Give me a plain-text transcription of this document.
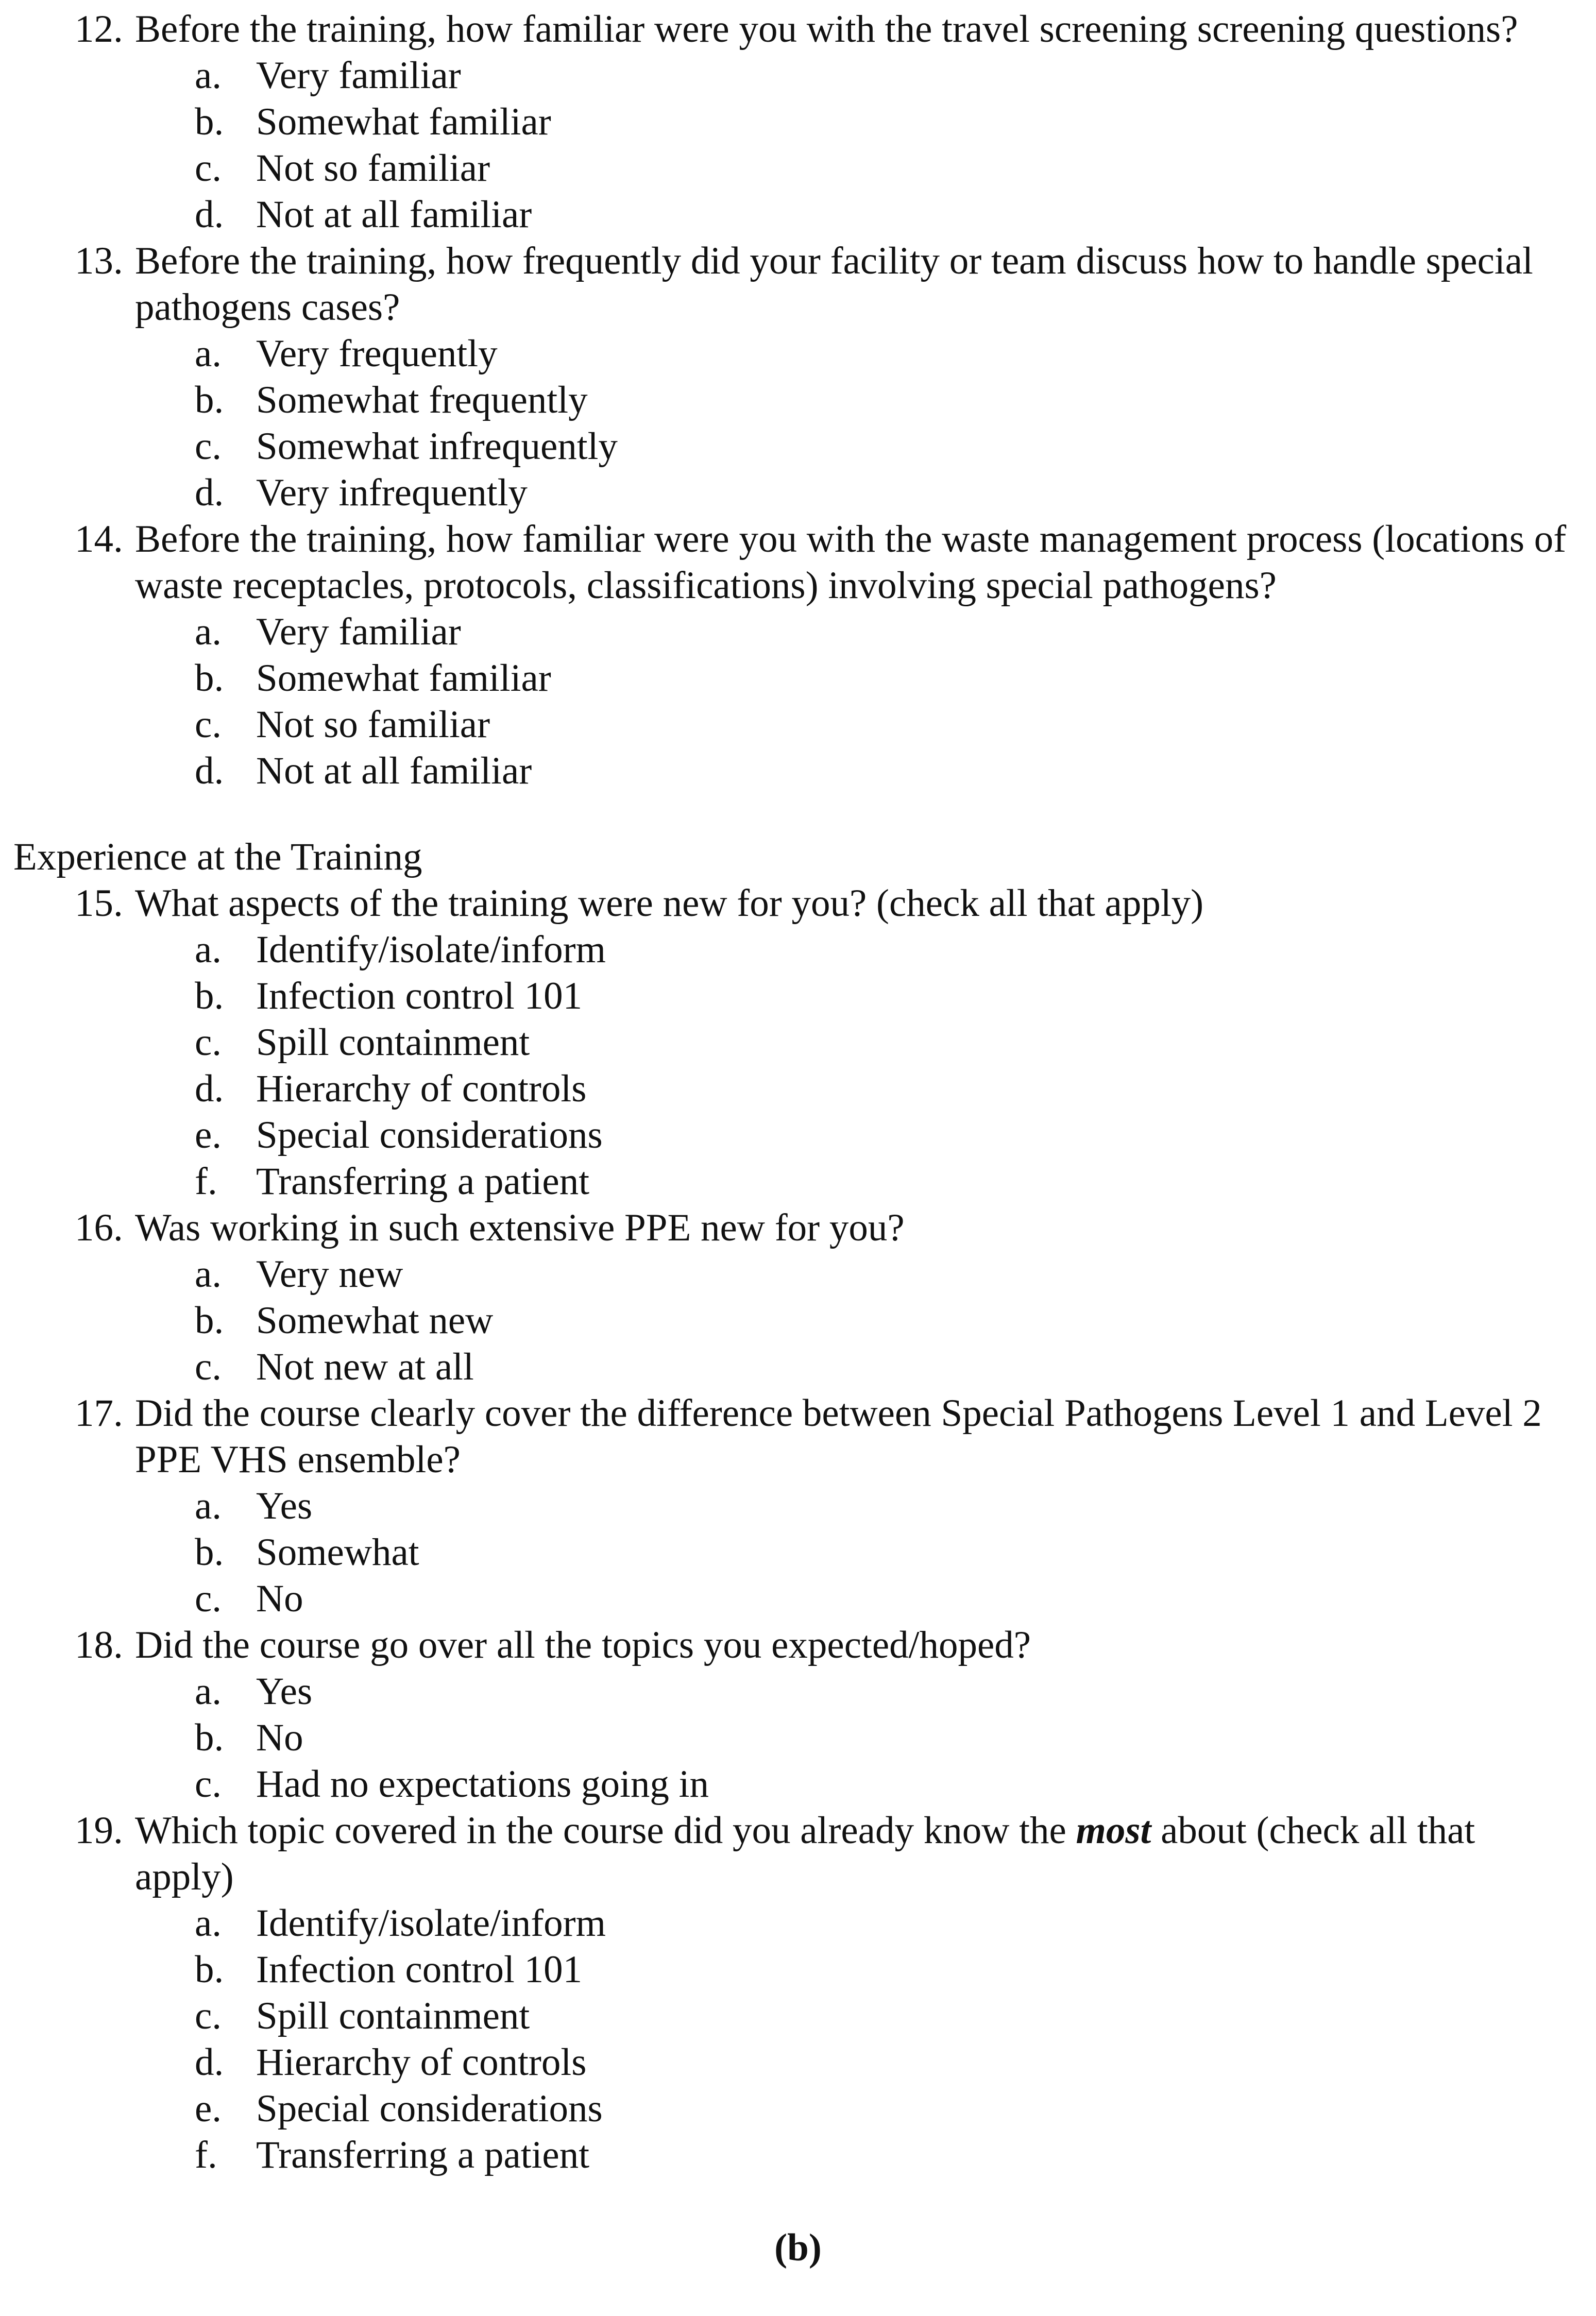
12. Before the training, how familiar were you with the travel screening screening questions?
a. Very familiar
b. Somewhat familiar
c. Not so familiar
d. Not at all familiar
13. Before the training, how frequently did your facility or team discuss how to handle special
pathogens cases?
a. Very frequently
b. Somewhat frequently
c. Somewhat infrequently
d. Very infrequently
14. Before the training, how familiar were you with the waste management process (locations of
waste receptacles, protocols, classifications) involving special pathogens?
a. Very familiar
b. Somewhat familiar
c. Not so familiar
d. Not at all familiar
Experience at the Training
15. What aspects of the training were new for you? (check all that apply)
a. Identify/isolate/inform
b. Infection control 101
c. Spill containment
d. Hierarchy of controls
e. Special considerations
f. Transferring a patient
16. Was working in such extensive PPE new for you?
a. Very new
b. Somewhat new
c. Not new at all
17. Did the course clearly cover the difference between Special Pathogens Level 1 and Level 2
PPE VHS ensemble?
a. Yes
b. Somewhat
c. No
18. Did the course go over all the topics you expected/hoped?
a. Yes
b. No
c. Had no expectations going in
19. Which topic covered in the course did you already know the most about (check all that
apply)
a. Identify/isolate/inform
b. Infection control 101
c. Spill containment
d. Hierarchy of controls
e. Special considerations
f. Transferring a patient
(b)
